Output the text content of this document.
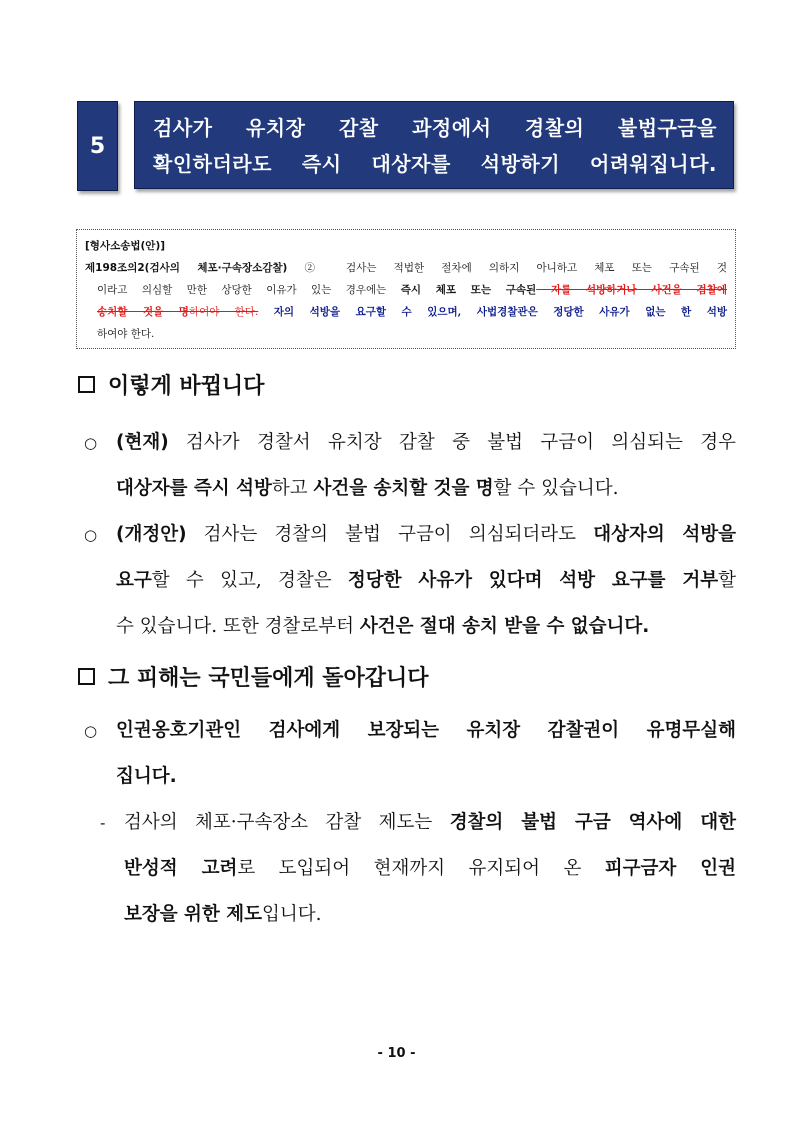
5
검사가 유치장 감찰 과정에서 경찰의 불법구금을
확인하더라도 즉시 대상자를 석방하기 어려워집니다.
[형사소송법(안)]
제198조의2(검사의 체포·구속장소감찰) ② 검사는 적법한 절차에 의하지 아니하고 체포 또는 구속된 것
이라고 의심할 만한 상당한 이유가 있는 경우에는 즉시 체포 또는 구속된 자를 석방하거나 사건을 검찰에
송치할 것을 명하여야 한다. 자의 석방을 요구할 수 있으며, 사법경찰관은 정당한 사유가 없는 한 석방
하여야 한다.
이렇게 바뀝니다
○ (현재) 검사가 경찰서 유치장 감찰 중 불법 구금이 의심되는 경우
대상자를 즉시 석방하고 사건을 송치할 것을 명할 수 있습니다.
○ (개정안) 검사는 경찰의 불법 구금이 의심되더라도 대상자의 석방을
요구할 수 있고, 경찰은 정당한 사유가 있다며 석방 요구를 거부할
수 있습니다. 또한 경찰로부터 사건은 절대 송치 받을 수 없습니다.
그 피해는 국민들에게 돌아갑니다
○ 인권옹호기관인 검사에게 보장되는 유치장 감찰권이 유명무실해
집니다.
- 검사의 체포·구속장소 감찰 제도는 경찰의 불법 구금 역사에 대한
반성적 고려로 도입되어 현재까지 유지되어 온 피구금자 인권
보장을 위한 제도입니다.
- 10 -
